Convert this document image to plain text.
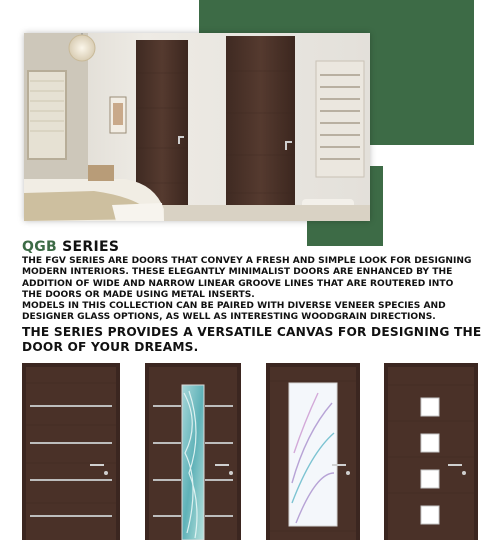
QGB SERIES

THE FGV SERIES ARE DOORS THAT CONVEY A FRESH AND SIMPLE LOOK FOR DESIGNING MODERN INTERIORS. THESE ELEGANTLY MINIMALIST DOORS ARE ENHANCED BY THE ADDITION OF WIDE AND NARROW LINEAR GROOVE LINES THAT ARE ROUTERED INTO THE DOORS OR MADE USING METAL INSERTS.

MODELS IN THIS COLLECTION CAN BE PAIRED WITH DIVERSE VENEER SPECIES AND DESIGNER GLASS OPTIONS, AS WELL AS INTERESTING WOODGRAIN DIRECTIONS.

THE SERIES PROVIDES A VERSATILE CANVAS FOR DESIGNING THE DOOR OF YOUR DREAMS.
